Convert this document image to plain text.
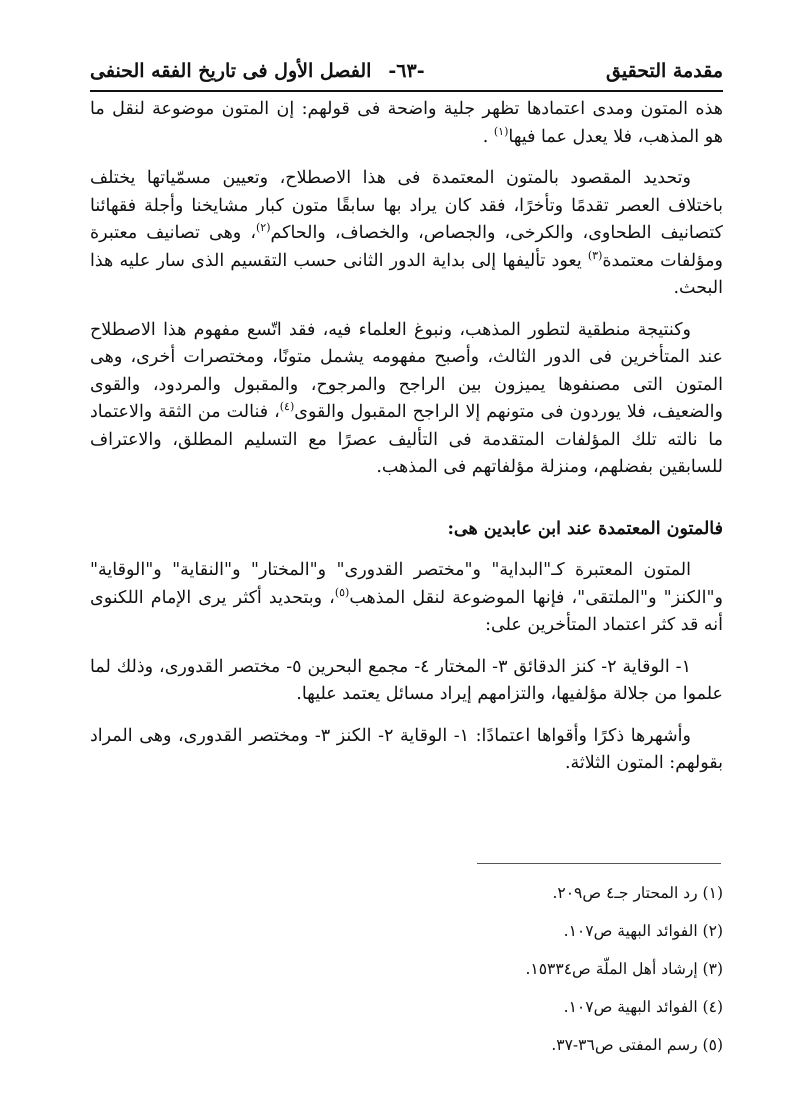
مقدمة التحقيق
-٦٣-
الفصل الأول فى تاريخ الفقه الحنفى

هذه المتون ومدى اعتمادها تظهر جلية واضحة فى قولهم: إن المتون موضوعة لنقل ما هو المذهب، فلا يعدل عما فيها$^{(١)}$ .

وتحديد المقصود بالمتون المعتمدة فى هذا الاصطلاح، وتعيين مسمّياتها يختلف باختلاف العصر تقدمًا وتأخرًا، فقد كان يراد بها سابقًا متون كبار مشايخنا وأجلة فقهائنا كتصانيف الطحاوى، والكرخى، والجصاص، والخصاف، والحاكم$^{(٢)}$، وهى تصانيف معتبرة ومؤلفات معتمدة$^{(٣)}$ يعود تأليفها إلى بداية الدور الثانى حسب التقسيم الذى سار عليه هذا البحث.

وكنتيجة منطقية لتطور المذهب، ونبوغ العلماء فيه، فقد اتّسع مفهوم هذا الاصطلاح عند المتأخرين فى الدور الثالث، وأصبح مفهومه يشمل متونًا، ومختصرات أخرى، وهى المتون التى مصنفوها يميزون بين الراجح والمرجوح، والمقبول والمردود، والقوى والضعيف، فلا يوردون فى متونهم إلا الراجح المقبول والقوى$^{(٤)}$، فنالت من الثقة والاعتماد ما نالته تلك المؤلفات المتقدمة فى التأليف عصرًا مع التسليم المطلق، والاعتراف للسابقين بفضلهم، ومنزلة مؤلفاتهم فى المذهب.

فالمتون المعتمدة عند ابن عابدين هى:

المتون المعتبرة كـ"البداية" و"مختصر القدورى" و"المختار" و"النقاية" و"الوقاية" و"الكنز" و"الملتقى"، فإنها الموضوعة لنقل المذهب$^{(٥)}$، وبتحديد أكثر يرى الإمام اللكنوى أنه قد كثر اعتماد المتأخرين على:

١- الوقاية ٢- كنز الدقائق ٣- المختار ٤- مجمع البحرين ٥- مختصر القدورى، وذلك لما علموا من جلالة مؤلفيها، والتزامهم إيراد مسائل يعتمد عليها.

وأشهرها ذكرًا وأقواها اعتمادًا: ١- الوقاية ٢- الكنز ٣- ومختصر القدورى، وهى المراد بقولهم: المتون الثلاثة.

(١) رد المحتار جـ٤ ص٢٠٩.

(٢) الفوائد البهية ص١٠٧.

(٣) إرشاد أهل الملّة ص١٥٣٣٤.

(٤) الفوائد البهية ص١٠٧.

(٥) رسم المفتى ص٣٦-٣٧.
